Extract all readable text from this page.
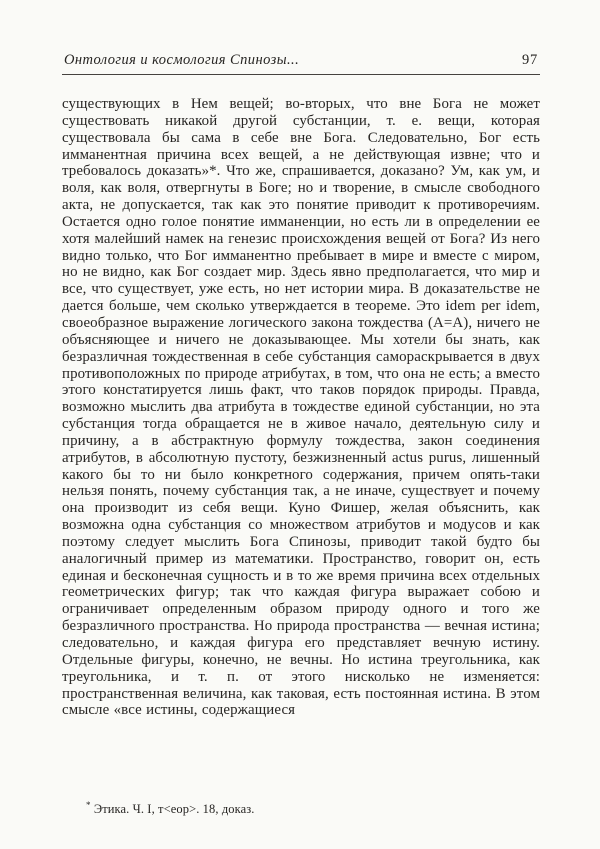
Онтология и космология Спинозы...	97

существующих в Нем вещей; во-вторых, что вне Бога не может существовать никакой другой субстанции, т. е. вещи, которая существовала бы сама в себе вне Бога. Следовательно, Бог есть имманентная причина всех вещей, а не действующая извне; что и требовалось доказать»*. Что же, спрашивается, доказано? Ум, как ум, и воля, как воля, отвергнуты в Боге; но и творение, в смысле свободного акта, не допускается, так как это понятие приводит к противоречиям. Остается одно голое понятие имманенции, но есть ли в определении ее хотя малейший намек на генезис происхождения вещей от Бога? Из него видно только, что Бог имманентно пребывает в мире и вместе с миром, но не видно, как Бог создает мир. Здесь явно предполагается, что мир и все, что существует, уже есть, но нет истории мира. В доказательстве не дается больше, чем сколько утверждается в теореме. Это idem per idem, своеобразное выражение логического закона тождества (А=А), ничего не объясняющее и ничего не доказывающее. Мы хотели бы знать, как безразличная тождественная в себе субстанция самораскрывается в двух противоположных по природе атрибутах, в том, что она не есть; а вместо этого констатируется лишь факт, что таков порядок природы. Правда, возможно мыслить два атрибута в тождестве единой субстанции, но эта субстанция тогда обращается не в живое начало, деятельную силу и причину, а в абстрактную формулу тождества, закон соединения атрибутов, в абсолютную пустоту, безжизненный actus purus, лишенный какого бы то ни было конкретного содержания, причем опять-таки нельзя понять, почему субстанция так, а не иначе, существует и почему она производит из себя вещи. Куно Фишер, желая объяснить, как возможна одна субстанция со множеством атрибутов и модусов и как поэтому следует мыслить Бога Спинозы, приводит такой будто бы аналогичный пример из математики. Пространство, говорит он, есть единая и бесконечная сущность и в то же время причина всех отдельных геометрических фигур; так что каждая фигура выражает собою и ограничивает определенным образом природу одного и того же безразличного пространства. Но природа пространства — вечная истина; следовательно, и каждая фигура его представляет вечную истину. Отдельные фигуры, конечно, не вечны. Но истина треугольника, как треугольника, и т. п. от этого нисколько не изменяется: пространственная величина, как таковая, есть постоянная истина. В этом смысле «все истины, содержащиеся

* Этика. Ч. I, т<еор>. 18, доказ.
